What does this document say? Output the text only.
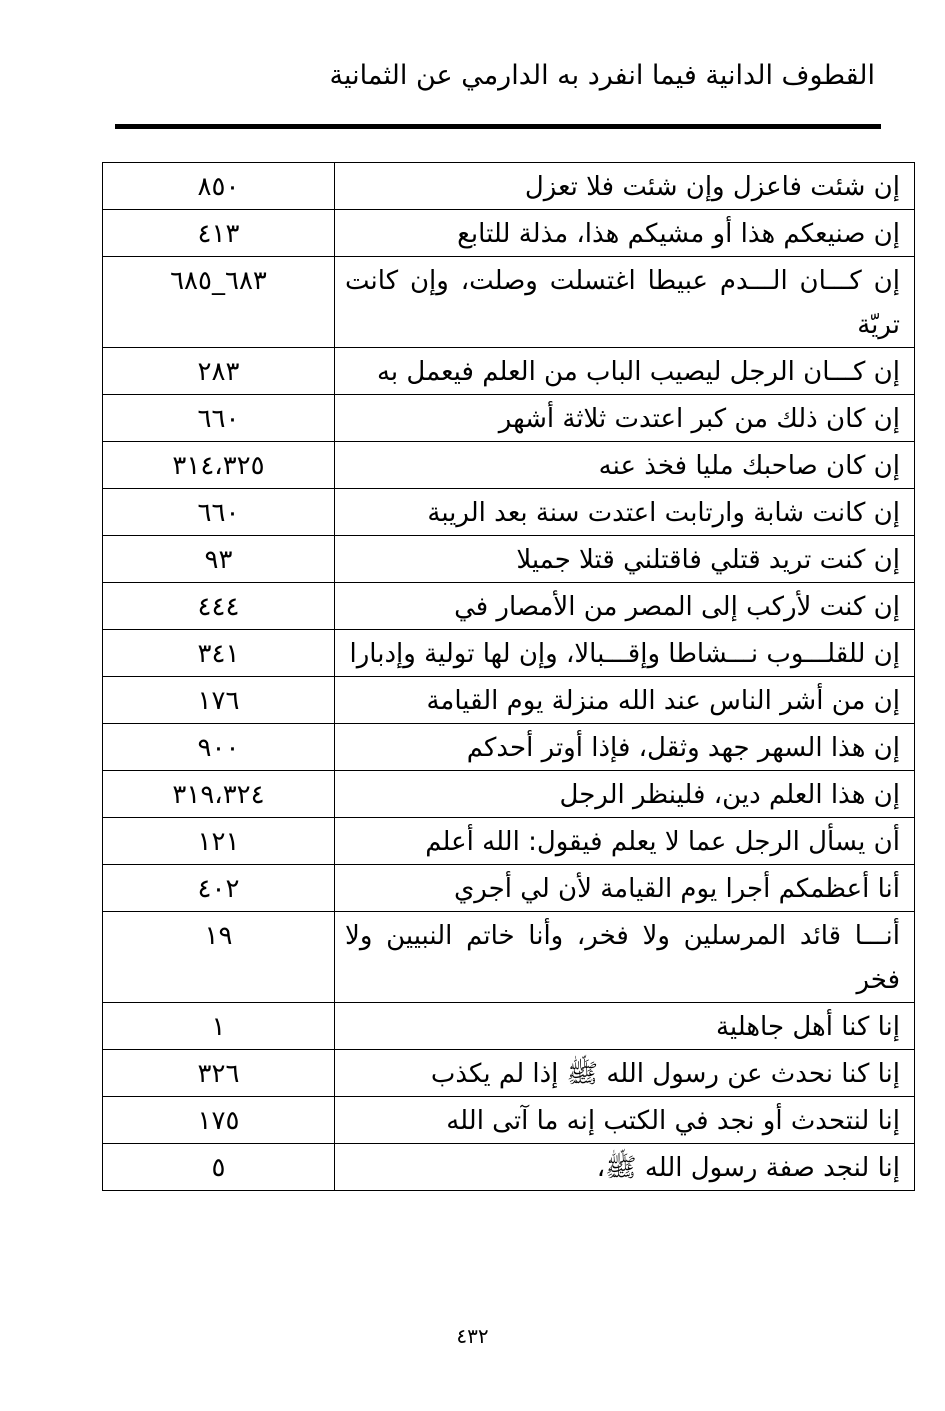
القطوف الدانية فيما انفرد به الدارمي عن الثمانية
إن شئت فاعزل وإن شئت فلا تعزل	٨٥٠
إن صنيعكم هذا أو مشيكم هذا، مذلة للتابع	٤١٣
إن كـــان الـــدم عبيطا اغتسلت وصلت، وإن كانت تريّة	٦٨٣_٦٨٥
إن كـــان الرجل ليصيب الباب من العلم فيعمل به	٢٨٣
إن كان ذلك من كبر اعتدت ثلاثة أشهر	٦٦٠
إن كان صاحبك مليا فخذ عنه	٣١٤،٣٢٥
إن كانت شابة وارتابت اعتدت سنة بعد الريبة	٦٦٠
إن كنت تريد قتلي فاقتلني قتلا جميلا	٩٣
إن كنت لأركب إلى المصر من الأمصار في	٤٤٤
إن للقلـــوب نـــشاطا وإقـــبالا، وإن لها تولية وإدبارا	٣٤١
إن من أشر الناس عند الله منزلة يوم القيامة	١٧٦
إن هذا السهر جهد وثقل، فإذا أوتر أحدكم	٩٠٠
إن هذا العلم دين، فلينظر الرجل	٣١٩،٣٢٤
أن يسأل الرجل عما لا يعلم فيقول: الله أعلم	١٢١
أنا أعظمكم أجرا يوم القيامة لأن لي أجري	٤٠٢
أنـــا قائد المرسلين ولا فخر، وأنا خاتم النبيين ولا فخر	١٩
إنا كنا أهل جاهلية	١
إنا كنا نحدث عن رسول الله ﷺ إذا لم يكذب	٣٢٦
إنا لنتحدث أو نجد في الكتب إنه ما آتى الله	١٧٥
إنا لنجد صفة رسول الله ﷺ،	٥
٤٣٢
